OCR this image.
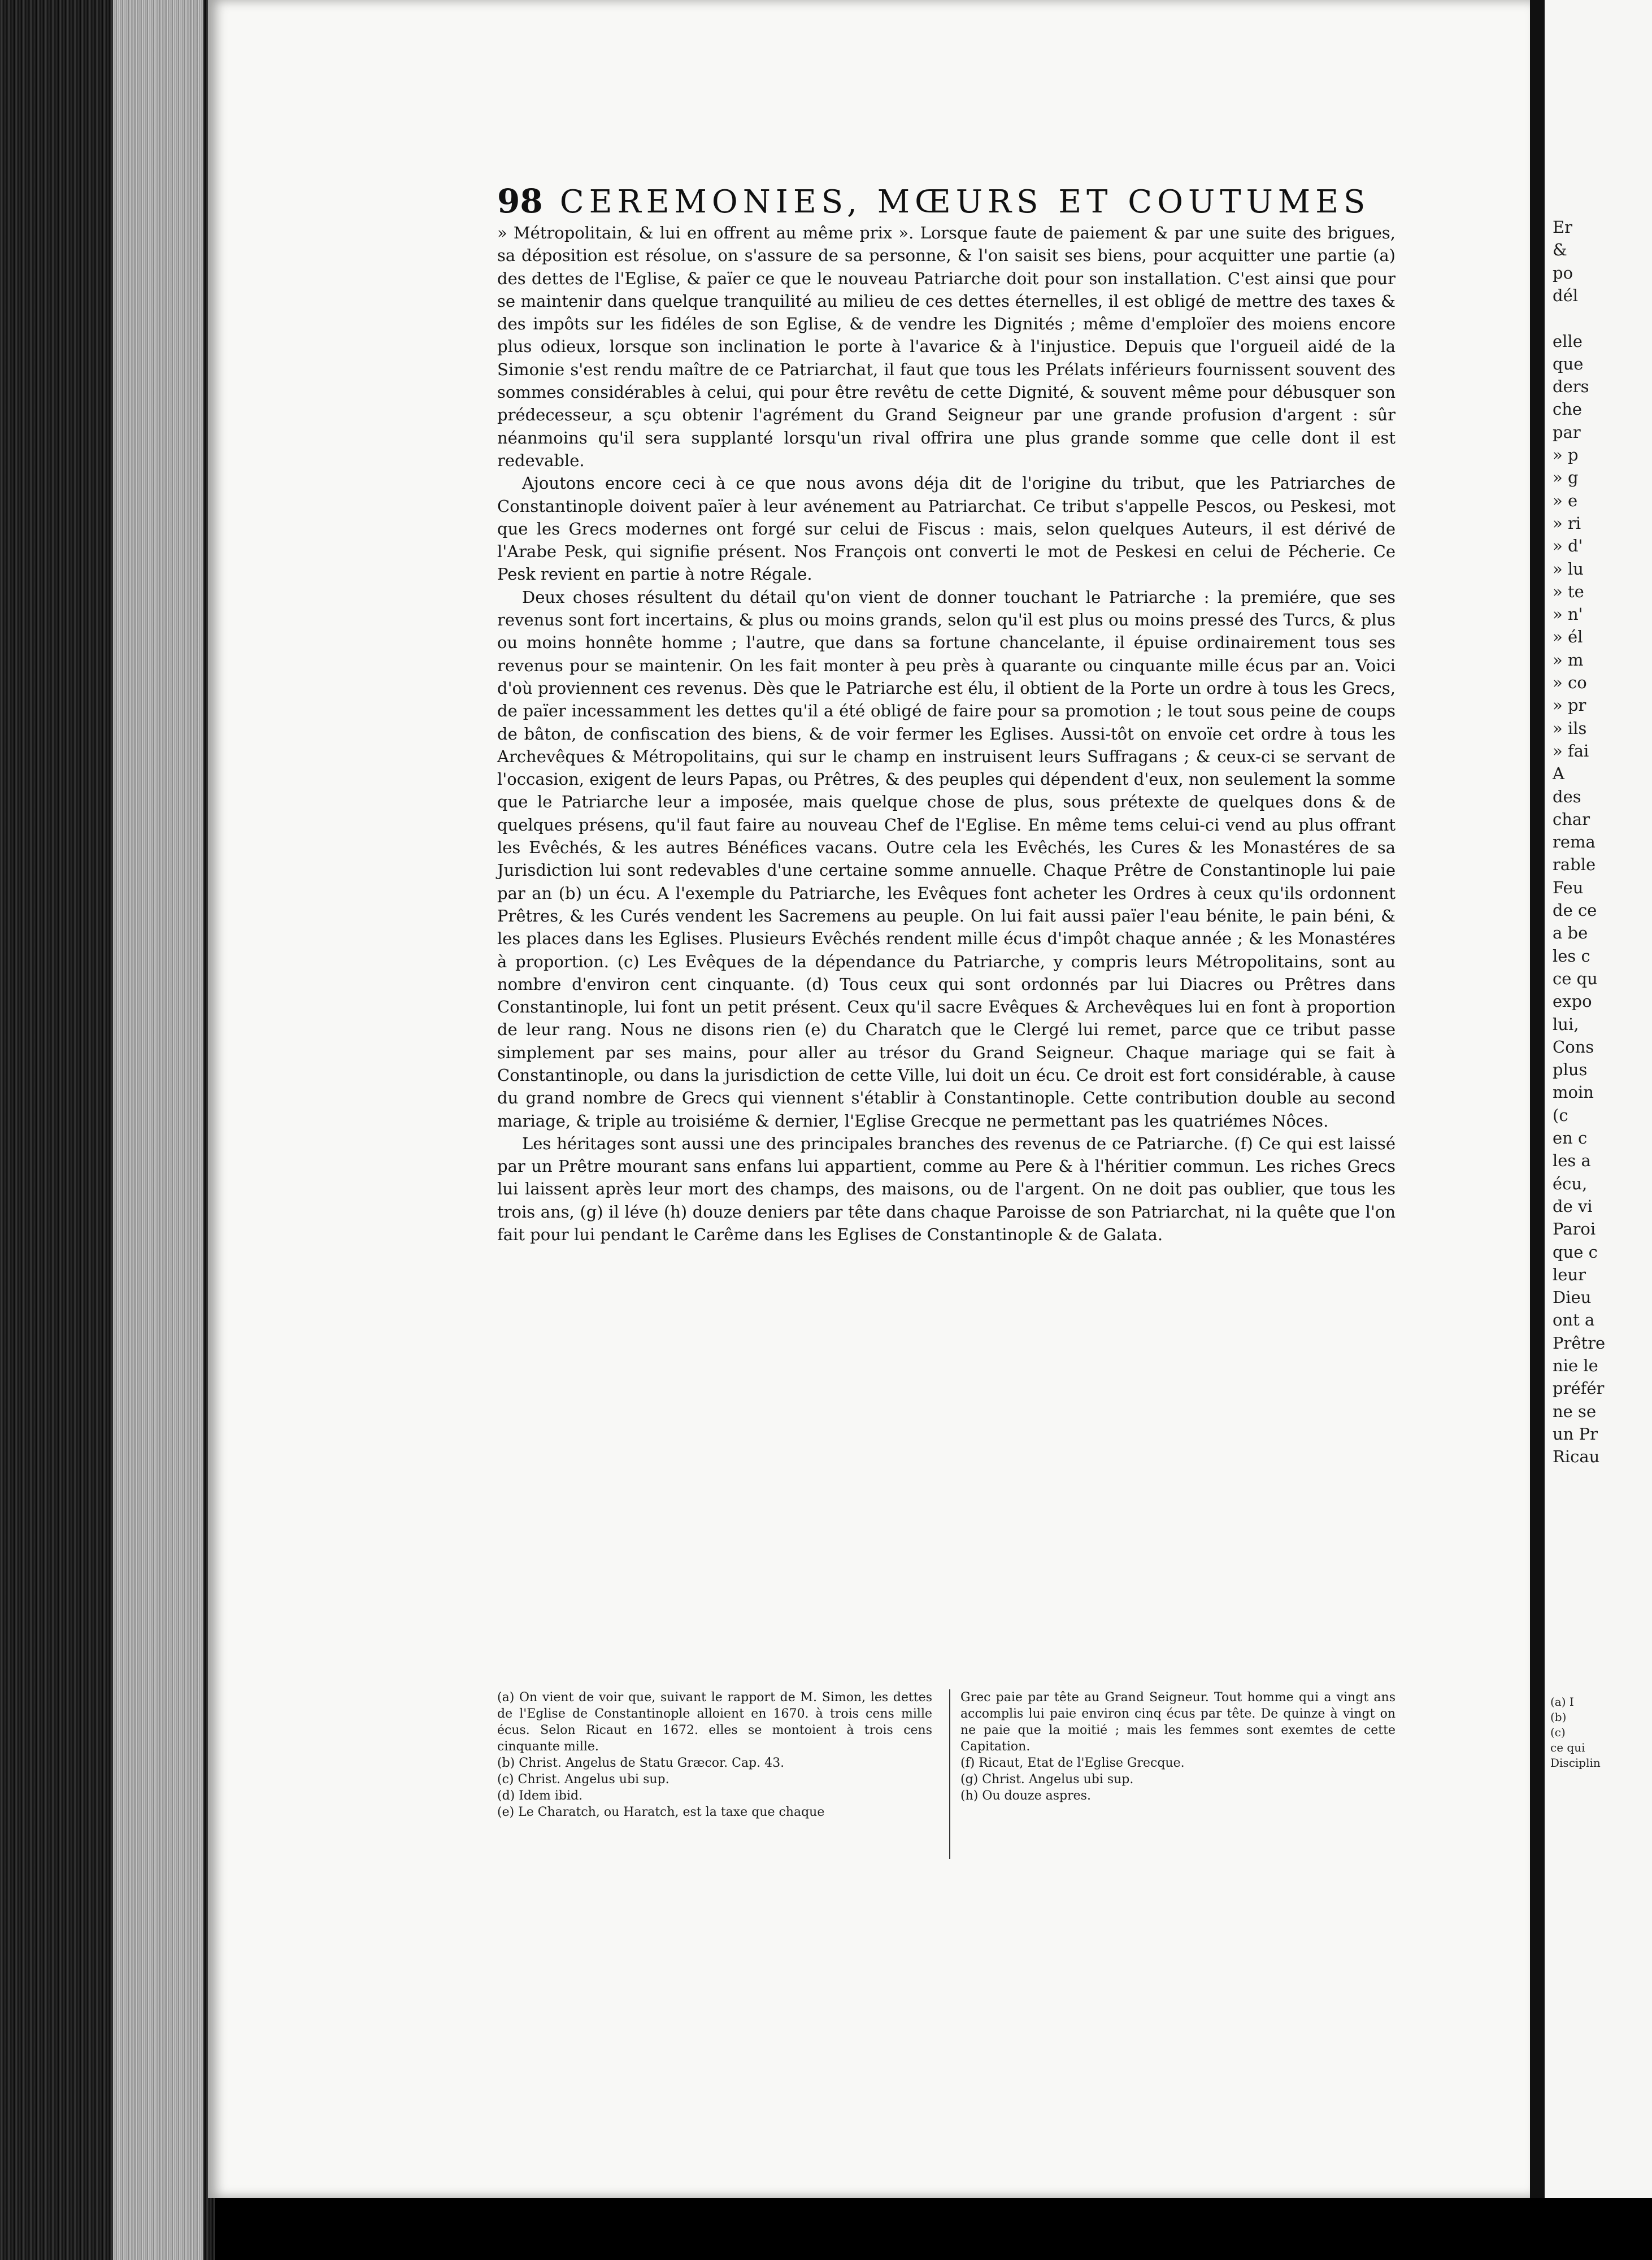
98 CEREMONIES, MŒURS ET COUTUMES

» Métropolitain, & lui en offrent au même prix ». Lorsque faute de paiement & par une suite des brigues, sa déposition est résolue, on s'assure de sa personne, & l'on saisit ses biens, pour acquitter une partie (a) des dettes de l'Eglise, & païer ce que le nouveau Patriarche doit pour son installation. C'est ainsi que pour se maintenir dans quelque tranquilité au milieu de ces dettes éternelles, il est obligé de mettre des taxes & des impôts sur les fidéles de son Eglise, & de vendre les Dignités ; même d'emploïer des moiens encore plus odieux, lorsque son inclination le porte à l'avarice & à l'injustice. Depuis que l'orgueil aidé de la Simonie s'est rendu maître de ce Patriarchat, il faut que tous les Prélats inférieurs fournissent souvent des sommes considérables à celui, qui pour être revêtu de cette Dignité, & souvent même pour débusquer son prédecesseur, a sçu obtenir l'agrément du Grand Seigneur par une grande profusion d'argent : sûr néanmoins qu'il sera supplanté lorsqu'un rival offrira une plus grande somme que celle dont il est redevable.

Ajoutons encore ceci à ce que nous avons déja dit de l'origine du tribut, que les Patriarches de Constantinople doivent païer à leur avénement au Patriarchat. Ce tribut s'appelle Pescos, ou Peskesi, mot que les Grecs modernes ont forgé sur celui de Fiscus : mais, selon quelques Auteurs, il est dérivé de l'Arabe Pesk, qui signifie présent. Nos François ont converti le mot de Peskesi en celui de Pécherie. Ce Pesk revient en partie à notre Régale.

Deux choses résultent du détail qu'on vient de donner touchant le Patriarche : la premiére, que ses revenus sont fort incertains, & plus ou moins grands, selon qu'il est plus ou moins pressé des Turcs, & plus ou moins honnête homme ; l'autre, que dans sa fortune chancelante, il épuise ordinairement tous ses revenus pour se maintenir. On les fait monter à peu près à quarante ou cinquante mille écus par an. Voici d'où proviennent ces revenus. Dès que le Patriarche est élu, il obtient de la Porte un ordre à tous les Grecs, de païer incessamment les dettes qu'il a été obligé de faire pour sa promotion ; le tout sous peine de coups de bâton, de confiscation des biens, & de voir fermer les Eglises. Aussi-tôt on envoïe cet ordre à tous les Archevêques & Métropolitains, qui sur le champ en instruisent leurs Suffragans ; & ceux-ci se servant de l'occasion, exigent de leurs Papas, ou Prêtres, & des peuples qui dépendent d'eux, non seulement la somme que le Patriarche leur a imposée, mais quelque chose de plus, sous prétexte de quelques dons & de quelques présens, qu'il faut faire au nouveau Chef de l'Eglise. En même tems celui-ci vend au plus offrant les Evêchés, & les autres Bénéfices vacans. Outre cela les Evêchés, les Cures & les Monastéres de sa Jurisdiction lui sont redevables d'une certaine somme annuelle. Chaque Prêtre de Constantinople lui paie par an (b) un écu. A l'exemple du Patriarche, les Evêques font acheter les Ordres à ceux qu'ils ordonnent Prêtres, & les Curés vendent les Sacremens au peuple. On lui fait aussi païer l'eau bénite, le pain béni, & les places dans les Eglises. Plusieurs Evêchés rendent mille écus d'impôt chaque année ; & les Monastéres à proportion. (c) Les Evêques de la dépendance du Patriarche, y compris leurs Métropolitains, sont au nombre d'environ cent cinquante. (d) Tous ceux qui sont ordonnés par lui Diacres ou Prêtres dans Constantinople, lui font un petit présent. Ceux qu'il sacre Evêques & Archevêques lui en font à proportion de leur rang. Nous ne disons rien (e) du Charatch que le Clergé lui remet, parce que ce tribut passe simplement par ses mains, pour aller au trésor du Grand Seigneur. Chaque mariage qui se fait à Constantinople, ou dans la jurisdiction de cette Ville, lui doit un écu. Ce droit est fort considérable, à cause du grand nombre de Grecs qui viennent s'établir à Constantinople. Cette contribution double au second mariage, & triple au troisiéme & dernier, l'Eglise Grecque ne permettant pas les quatriémes Nôces.

Les héritages sont aussi une des principales branches des revenus de ce Patriarche. (f) Ce qui est laissé par un Prêtre mourant sans enfans lui appartient, comme au Pere & à l'héritier commun. Les riches Grecs lui laissent après leur mort des champs, des maisons, ou de l'argent. On ne doit pas oublier, que tous les trois ans, (g) il léve (h) douze deniers par tête dans chaque Paroisse de son Patriarchat, ni la quête que l'on fait pour lui pendant le Carême dans les Eglises de Constantinople & de Galata.

(a) On vient de voir que, suivant le rapport de M. Simon, les dettes de l'Eglise de Constantinople alloient en 1670. à trois cens mille écus. Selon Ricaut en 1672. elles se montoient à trois cens cinquante mille.

(b) Christ. Angelus de Statu Græcor. Cap. 43.

(c) Christ. Angelus ubi sup.

(d) Idem ibid.

(e) Le Charatch, ou Haratch, est la taxe que chaque

Grec paie par tête au Grand Seigneur. Tout homme qui a vingt ans accomplis lui paie environ cinq écus par tête. De quinze à vingt on ne paie que la moitié ; mais les femmes sont exemtes de cette Capitation.

(f) Ricaut, Etat de l'Eglise Grecque.

(g) Christ. Angelus ubi sup.

(h) Ou douze aspres.

Er
&
po
dél
elle
que
ders
che
par
» p
» g
» e
» ri
» d'
» lu
» te
» n'
» él
» m
» co
» pr
» ils
» fai
A
des
char
rema
rable
Feu
de ce
a be
les c
ce qu
expo
lui,
Cons
plus
moin
(c
en c
les a
écu,
de vi
Paroi
que c
leur
Dieu
ont a
Prêtre
nie le
préfér
ne se
un Pr
Ricau
(a) I
(b)
(c)
ce qui
Disciplin
